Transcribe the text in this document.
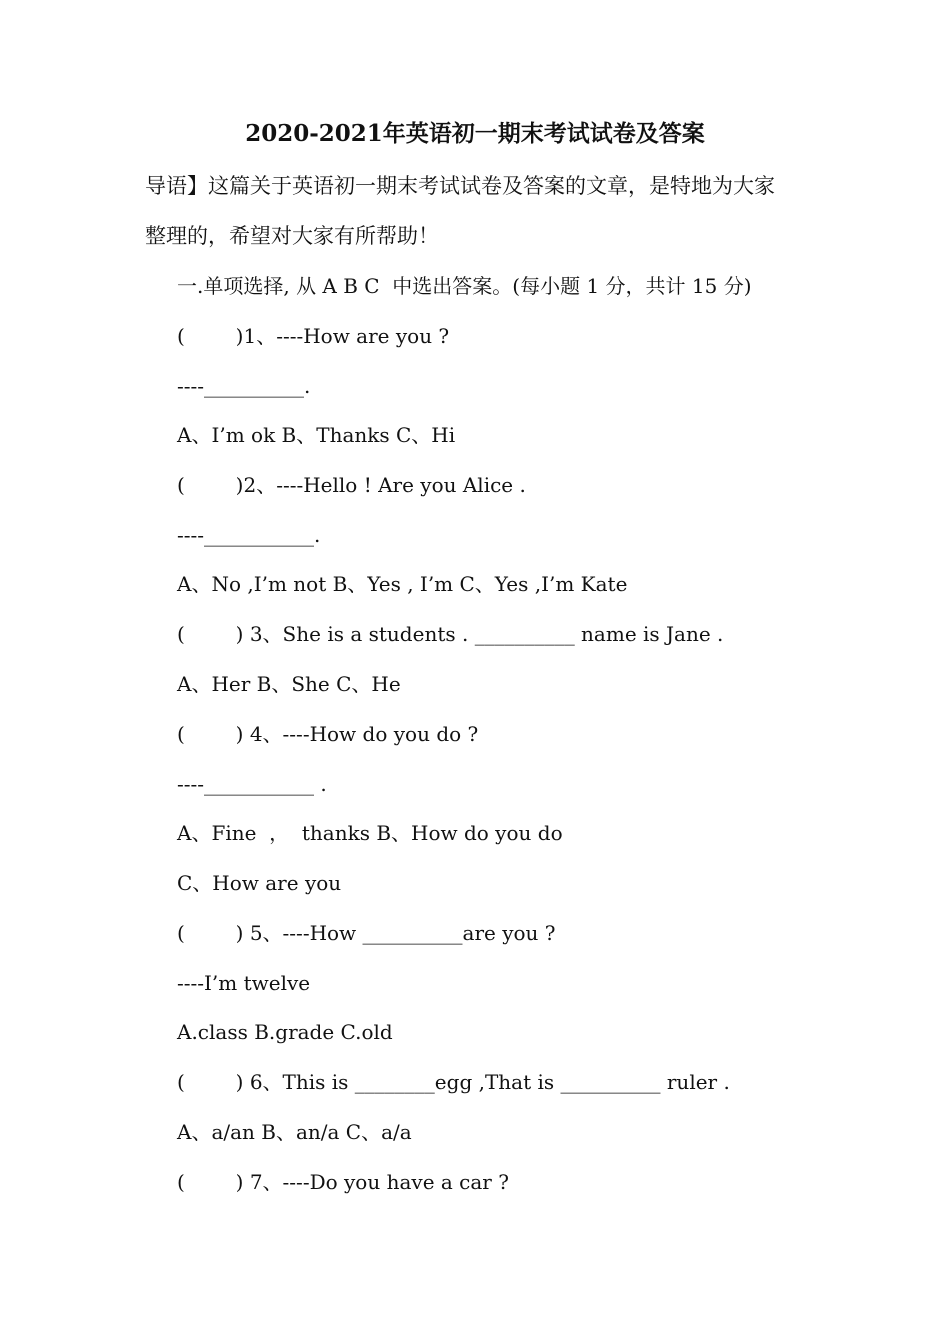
2020-2021年英语初一期末考试试卷及答案
导语】这篇关于英语初一期末考试试卷及答案的文章，是特地为大家
整理的，希望对大家有所帮助！
一.单项选择, 从 A B C  中选出答案。(每小题 1 分，共计 15 分)
(        )1、----How are you ?
----__________.
A、I’m ok B、Thanks C、Hi
(        )2、----Hello ! Are you Alice .
----___________.
A、No ,I’m not B、Yes , I’m C、Yes ,I’m Kate
(        ) 3、She is a students . __________ name is Jane .
A、Her B、She C、He
(        ) 4、----How do you do ?
----___________ .
A、Fine  ，  thanks B、How do you do
C、How are you
(        ) 5、----How __________are you ?
----I’m twelve
A.class B.grade C.old
(        ) 6、This is ________egg ,That is __________ ruler .
A、a/an B、an/a C、a/a
(        ) 7、----Do you have a car ?
